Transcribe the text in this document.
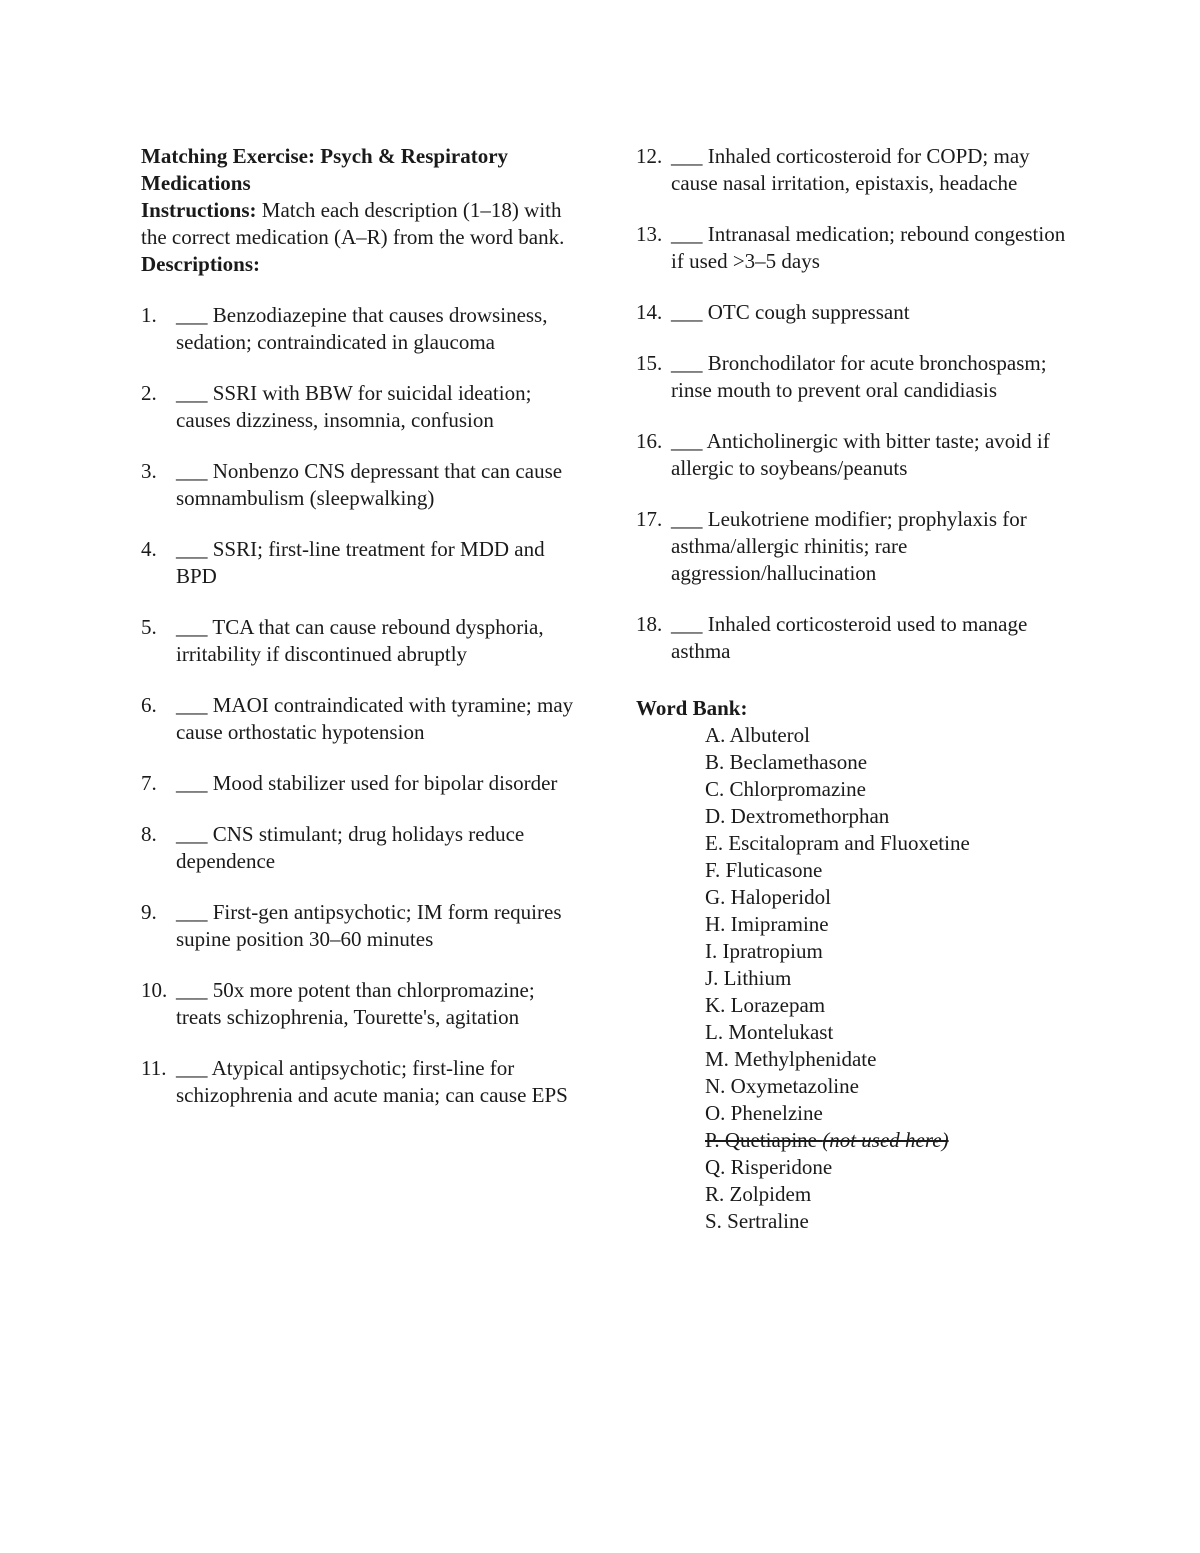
Matching Exercise: Psych & Respiratory Medications
Instructions: Match each description (1–18) with the correct medication (A–R) from the word bank.
Descriptions:
1. ___ Benzodiazepine that causes drowsiness, sedation; contraindicated in glaucoma
2. ___ SSRI with BBW for suicidal ideation; causes dizziness, insomnia, confusion
3. ___ Nonbenzo CNS depressant that can cause somnambulism (sleepwalking)
4. ___ SSRI; first-line treatment for MDD and BPD
5. ___ TCA that can cause rebound dysphoria, irritability if discontinued abruptly
6. ___ MAOI contraindicated with tyramine; may cause orthostatic hypotension
7. ___ Mood stabilizer used for bipolar disorder
8. ___ CNS stimulant; drug holidays reduce dependence
9. ___ First-gen antipsychotic; IM form requires supine position 30–60 minutes
10. ___ 50x more potent than chlorpromazine; treats schizophrenia, Tourette's, agitation
11. ___ Atypical antipsychotic; first-line for schizophrenia and acute mania; can cause EPS
12. ___ Inhaled corticosteroid for COPD; may cause nasal irritation, epistaxis, headache
13. ___ Intranasal medication; rebound congestion if used >3–5 days
14. ___ OTC cough suppressant
15. ___ Bronchodilator for acute bronchospasm; rinse mouth to prevent oral candidiasis
16. ___ Anticholinergic with bitter taste; avoid if allergic to soybeans/peanuts
17. ___ Leukotriene modifier; prophylaxis for asthma/allergic rhinitis; rare aggression/hallucination
18. ___ Inhaled corticosteroid used to manage asthma
Word Bank:
A. Albuterol
B. Beclamethasone
C. Chlorpromazine
D. Dextromethorphan
E. Escitalopram and Fluoxetine
F. Fluticasone
G. Haloperidol
H. Imipramine
I. Ipratropium
J. Lithium
K. Lorazepam
L. Montelukast
M. Methylphenidate
N. Oxymetazoline
O. Phenelzine
P. Quetiapine (not used here)
Q. Risperidone
R. Zolpidem
S. Sertraline
